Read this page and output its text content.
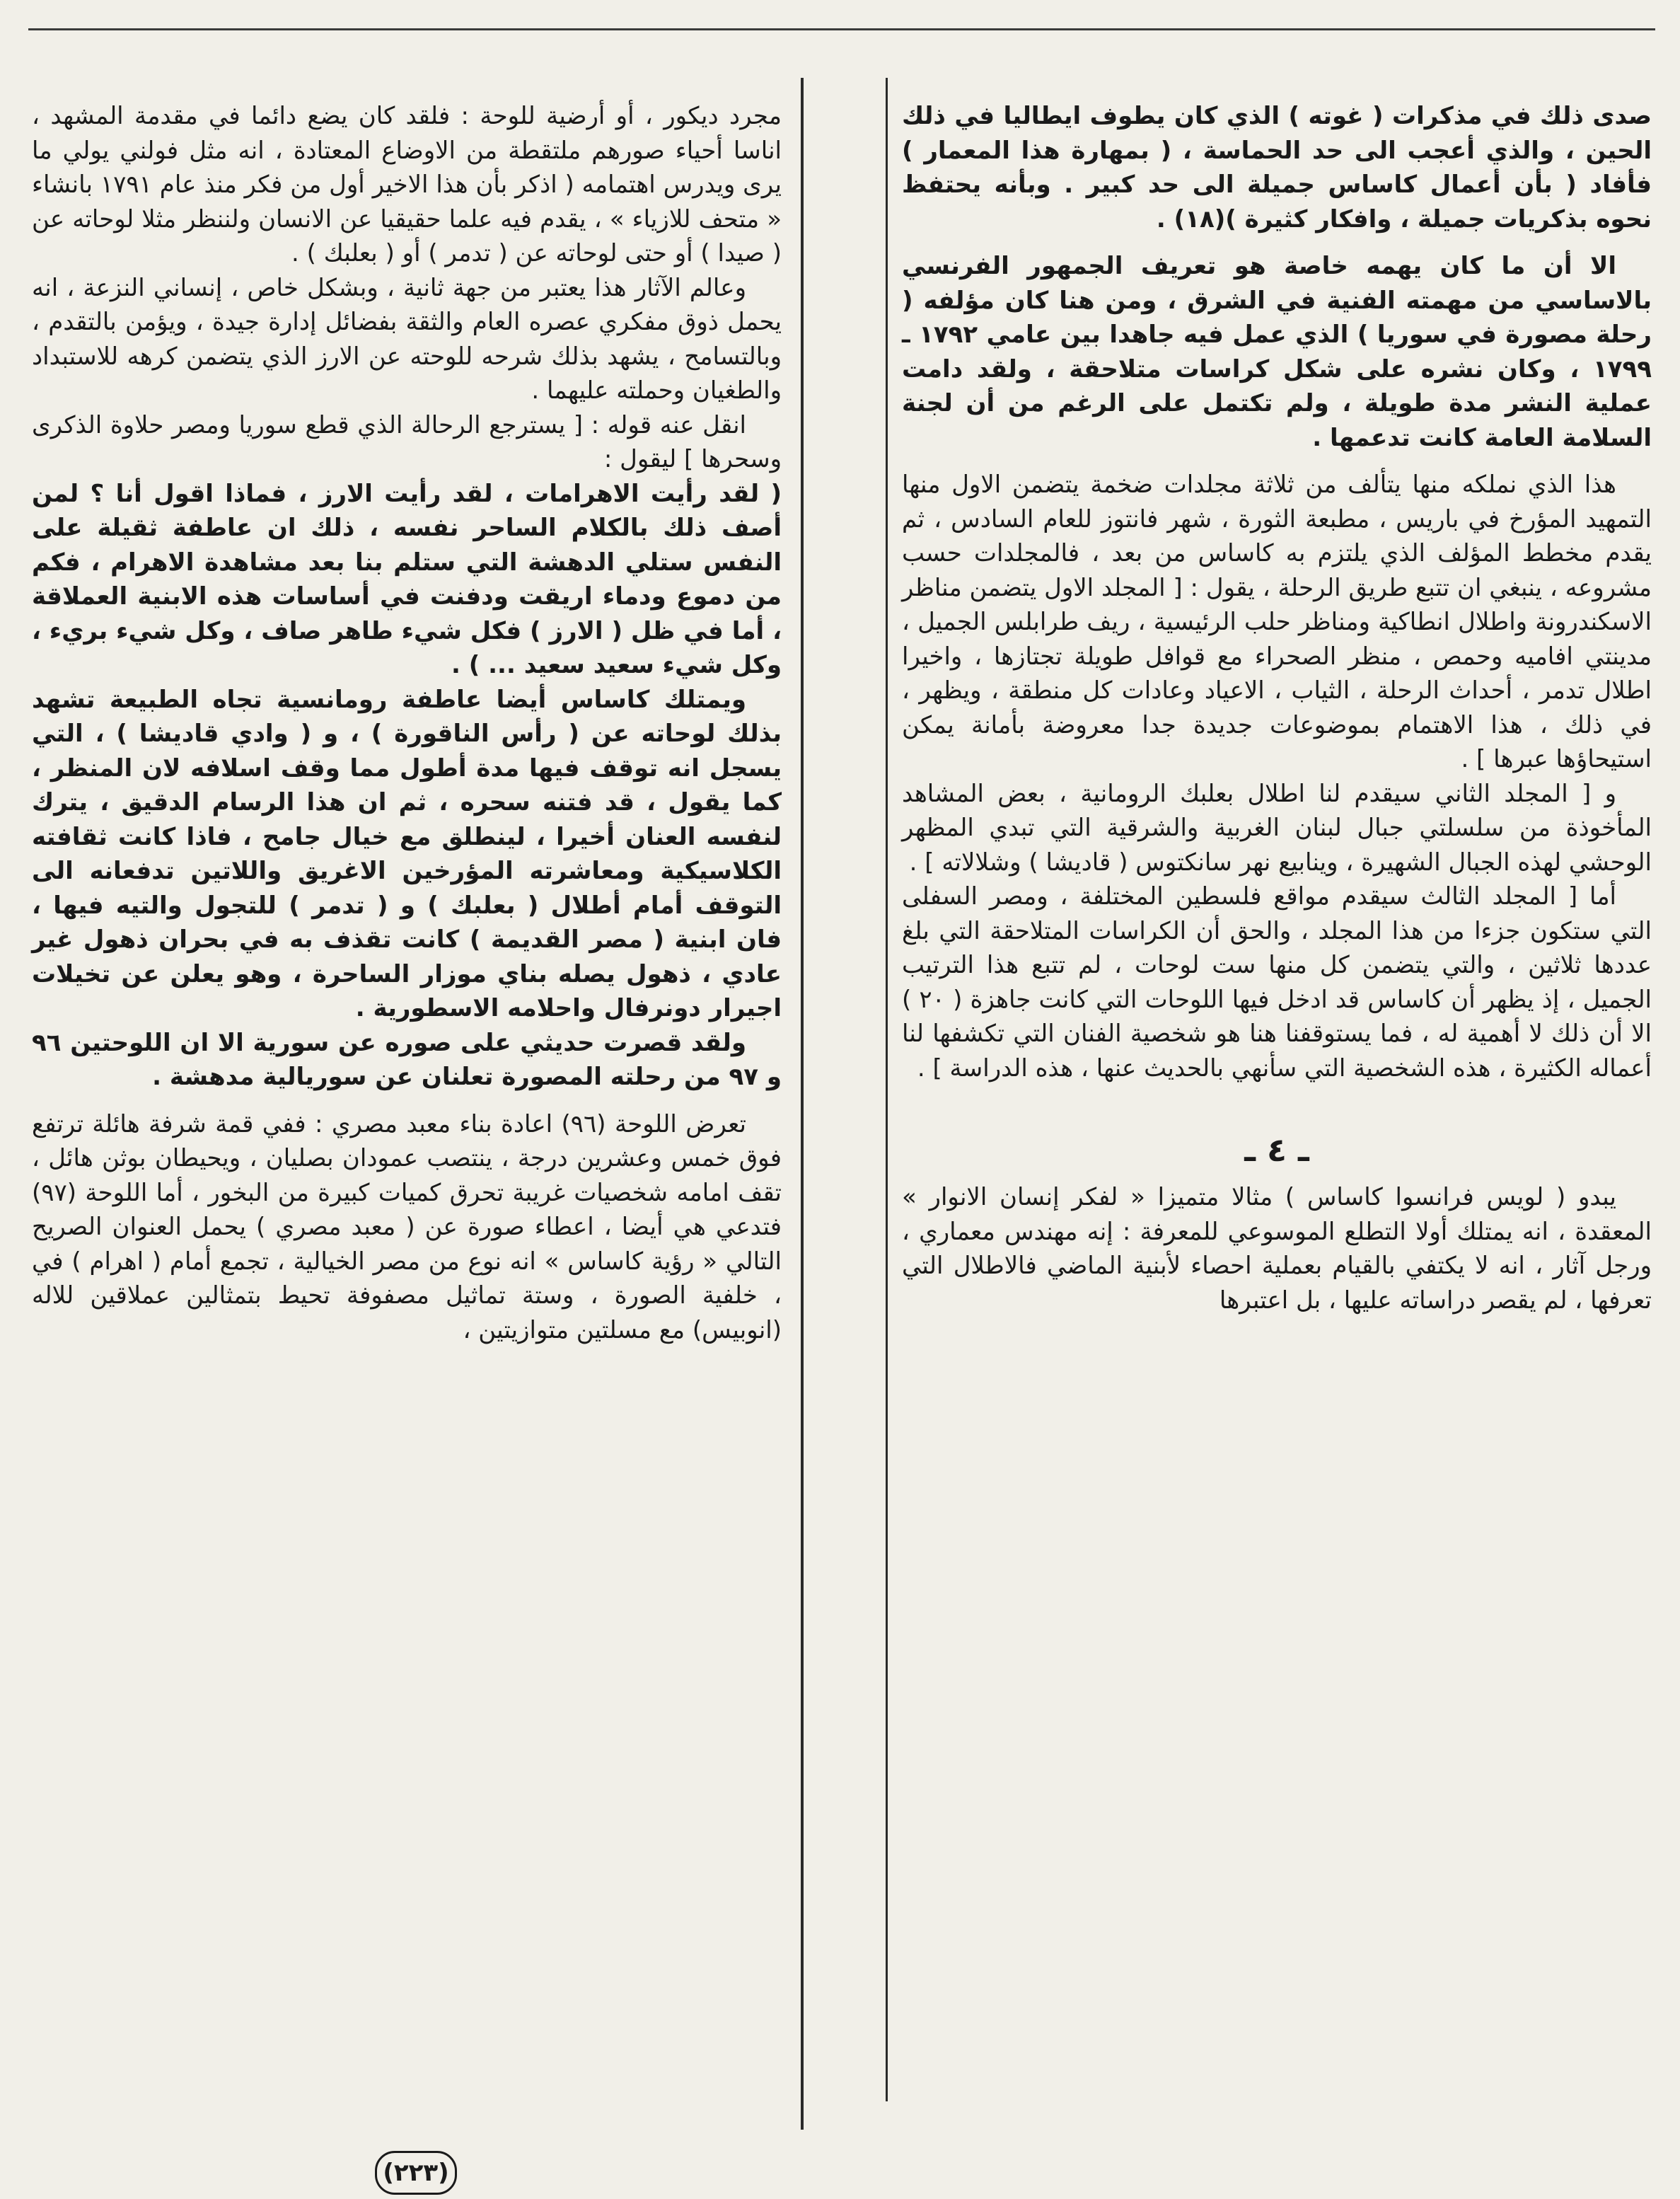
صدى ذلك في مذكرات ( غوته ) الذي كان يطوف ايطاليا في ذلك الحين ، والذي أعجب الى حد الحماسة ، ( بمهارة هذا المعمار ) فأفاد ( بأن أعمال كاساس جميلة الى حد كبير . وبأنه يحتفظ نحوه بذكريات جميلة ، وافكار كثيرة )(١٨) .

الا أن ما كان يهمه خاصة هو تعريف الجمهور الفرنسي بالاساسي من مهمته الفنية في الشرق ، ومن هنا كان مؤلفه ( رحلة مصورة في سوريا ) الذي عمل فيه جاهدا بين عامي ١٧٩٢ ـ ١٧٩٩ ، وكان نشره على شكل كراسات متلاحقة ، ولقد دامت عملية النشر مدة طويلة ، ولم تكتمل على الرغم من أن لجنة السلامة العامة كانت تدعمها .

هذا الذي نملكه منها يتألف من ثلاثة مجلدات ضخمة يتضمن الاول منها التمهيد المؤرخ في باريس ، مطبعة الثورة ، شهر فانتوز للعام السادس ، ثم يقدم مخطط المؤلف الذي يلتزم به كاساس من بعد ، فالمجلدات حسب مشروعه ، ينبغي ان تتبع طريق الرحلة ، يقول : [ المجلد الاول يتضمن مناظر الاسكندرونة واطلال انطاكية ومناظر حلب الرئيسية ، ريف طرابلس الجميل ، مدينتي افاميه وحمص ، منظر الصحراء مع قوافل طويلة تجتازها ، واخيرا اطلال تدمر ، أحداث الرحلة ، الثياب ، الاعياد وعادات كل منطقة ، ويظهر ، في ذلك ، هذا الاهتمام بموضوعات جديدة جدا معروضة بأمانة يمكن استيحاؤها عبرها ] .

و [ المجلد الثاني سيقدم لنا اطلال بعلبك الرومانية ، بعض المشاهد المأخوذة من سلسلتي جبال لبنان الغربية والشرقية التي تبدي المظهر الوحشي لهذه الجبال الشهيرة ، وينابيع نهر سانكتوس ( قاديشا ) وشلالاته ] .

أما [ المجلد الثالث سيقدم مواقع فلسطين المختلفة ، ومصر السفلى التي ستكون جزءا من هذا المجلد ، والحق أن الكراسات المتلاحقة التي بلغ عددها ثلاثين ، والتي يتضمن كل منها ست لوحات ، لم تتبع هذا الترتيب الجميل ، إذ يظهر أن كاساس قد ادخل فيها اللوحات التي كانت جاهزة ( ٢٠ ) الا أن ذلك لا أهمية له ، فما يستوقفنا هنا هو شخصية الفنان التي تكشفها لنا أعماله الكثيرة ، هذه الشخصية التي سأنهي بالحديث عنها ، هذه الدراسة ] .

ـ ٤ ـ

يبدو ( لويس فرانسوا كاساس ) مثالا متميزا « لفكر إنسان الانوار » المعقدة ، انه يمتلك أولا التطلع الموسوعي للمعرفة : إنه مهندس معماري ، ورجل آثار ، انه لا يكتفي بالقيام بعملية احصاء لأبنية الماضي فالاطلال التي تعرفها ، لم يقصر دراساته عليها ، بل اعتبرها

مجرد ديكور ، أو أرضية للوحة : فلقد كان يضع دائما في مقدمة المشهد ، اناسا أحياء صورهم ملتقطة من الاوضاع المعتادة ، انه مثل فولني يولي ما يرى ويدرس اهتمامه ( اذكر بأن هذا الاخير أول من فكر منذ عام ١٧٩١ بانشاء « متحف للازياء » ، يقدم فيه علما حقيقيا عن الانسان ولننظر مثلا لوحاته عن ( صيدا ) أو حتى لوحاته عن ( تدمر ) أو ( بعلبك ) .

وعالم الآثار هذا يعتبر من جهة ثانية ، وبشكل خاص ، إنساني النزعة ، انه يحمل ذوق مفكري عصره العام والثقة بفضائل إدارة جيدة ، ويؤمن بالتقدم ، وبالتسامح ، يشهد بذلك شرحه للوحته عن الارز الذي يتضمن كرهه للاستبداد والطغيان وحملته عليهما .

انقل عنه قوله : [ يسترجع الرحالة الذي قطع سوريا ومصر حلاوة الذكرى وسحرها ] ليقول :

( لقد رأيت الاهرامات ، لقد رأيت الارز ، فماذا اقول أنا ؟ لمن أصف ذلك بالكلام الساحر نفسه ، ذلك ان عاطفة ثقيلة على النفس ستلي الدهشة التي ستلم بنا بعد مشاهدة الاهرام ، فكم من دموع ودماء اريقت ودفنت في أساسات هذه الابنية العملاقة ، أما في ظل ( الارز ) فكل شيء طاهر صاف ، وكل شيء بريء ، وكل شيء سعيد سعيد ... ) .

ويمتلك كاساس أيضا عاطفة رومانسية تجاه الطبيعة تشهد بذلك لوحاته عن ( رأس الناقورة ) ، و ( وادي قاديشا ) ، التي يسجل انه توقف فيها مدة أطول مما وقف اسلافه لان المنظر ، كما يقول ، قد فتنه سحره ، ثم ان هذا الرسام الدقيق ، يترك لنفسه العنان أخيرا ، لينطلق مع خيال جامح ، فاذا كانت ثقافته الكلاسيكية ومعاشرته المؤرخين الاغريق واللاتين تدفعانه الى التوقف أمام أطلال ( بعلبك ) و ( تدمر ) للتجول والتيه فيها ، فان ابنية ( مصر القديمة ) كانت تقذف به في بحران ذهول غير عادي ، ذهول يصله بناي موزار الساحرة ، وهو يعلن عن تخيلات اجيرار دونرفال واحلامه الاسطورية .

ولقد قصرت حديثي على صوره عن سورية الا ان اللوحتين ٩٦ و ٩٧ من رحلته المصورة تعلنان عن سوريالية مدهشة .

تعرض اللوحة (٩٦) اعادة بناء معبد مصري : ففي قمة شرفة هائلة ترتفع فوق خمس وعشرين درجة ، ينتصب عمودان بصليان ، ويحيطان بوثن هائل ، تقف امامه شخصيات غريبة تحرق كميات كبيرة من البخور ، أما اللوحة (٩٧) فتدعي هي أيضا ، اعطاء صورة عن ( معبد مصري ) يحمل العنوان الصريح التالي « رؤية كاساس » انه نوع من مصر الخيالية ، تجمع أمام ( اهرام ) في ، خلفية الصورة ، وستة تماثيل مصفوفة تحيط بتمثالين عملاقين للاله (انوبيس) مع مسلتين متوازيتين ،

(٢٢٣)
